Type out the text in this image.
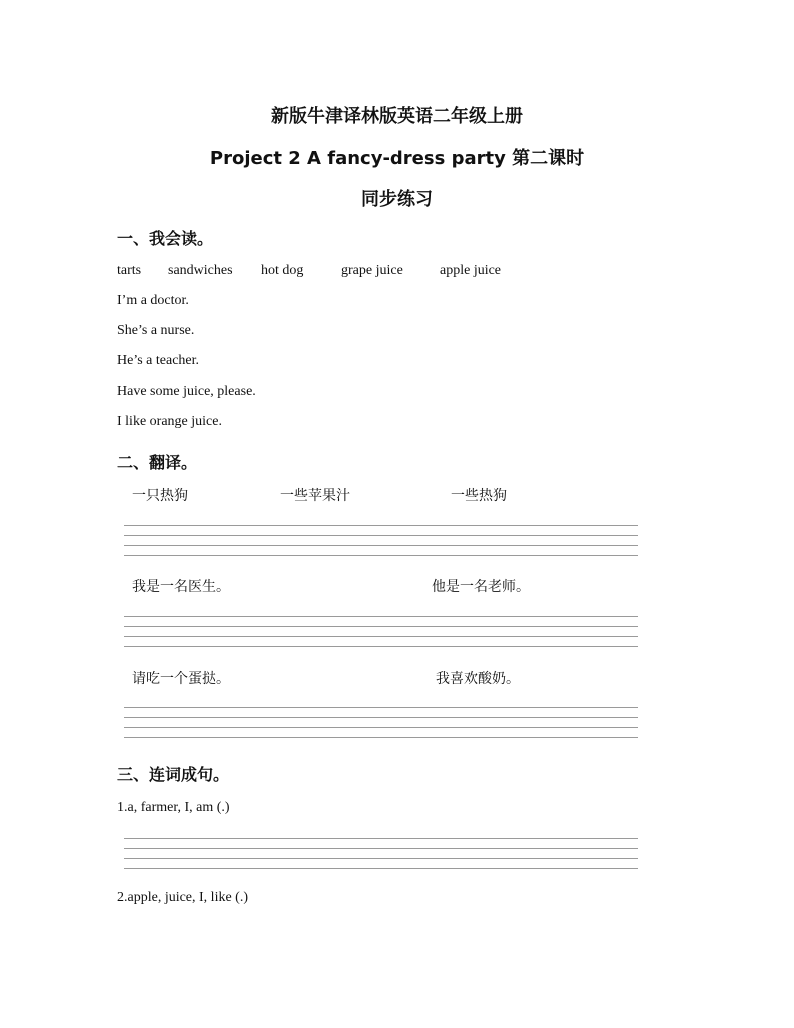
新版牛津译林版英语二年级上册
Project 2 A fancy-dress party 第二课时
同步练习
一、我会读。
tarts sandwiches hot dog	grape juice	apple juice
I’m a doctor.
She’s a nurse.
He’s a teacher.
Have some juice, please.
I like orange juice.
二、翻译。
一只热狗	一些苹果汁	一些热狗
我是一名医生。	他是一名老师。
请吃一个蛋挞。	我喜欢酸奶。
三、连词成句。
1.a, farmer, I, am (.)
2.apple, juice, I, like (.)
